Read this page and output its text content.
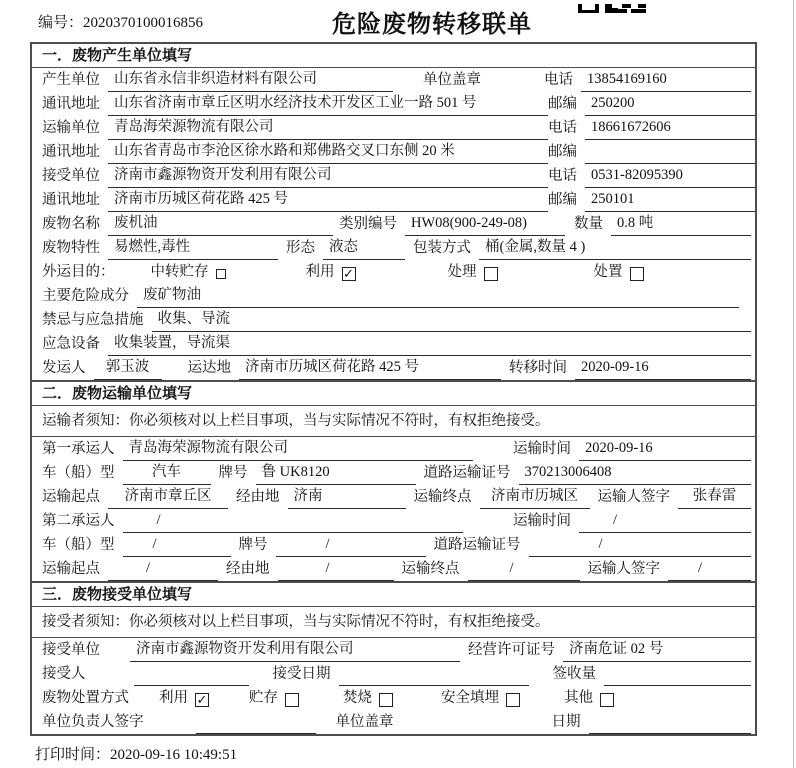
编号：2020370100016856	危险废物转移联单
一．废物产生单位填写
产生单位 山东省永信非织造材料有限公司	单位盖章	电话 13854169160
通讯地址 山东省济南市章丘区明水经济技术开发区工业一路 501 号	邮编 250200
运输单位 青岛海荣源物流有限公司	电话 18661672606
通讯地址 山东省青岛市李沧区徐水路和郑佛路交叉口东侧 20 米	邮编
接受单位 济南市鑫源物资开发利用有限公司	电话 0531-82095390
通讯地址 济南市历城区荷花路 425 号	邮编 250101
废物名称 废机油	类别编号 HW08(900-249-08)	数量 0.8 吨
废物特性 易燃性,毒性	形态 液态	包装方式 桶(金属,数量 4 )
外运目的： 中转贮存	利用 ✓	处理	处置
主要危险成分 废矿物油
禁忌与应急措施 收集、导流
应急设备 收集装置，导流渠
发运人	郭玉波	运达地 济南市历城区荷花路 425 号	转移时间 2020-09-16
二．废物运输单位填写
运输者须知：你必须核对以上栏目事项，当与实际情况不符时，有权拒绝接受。
第一承运人 青岛海荣源物流有限公司	运输时间 2020-09-16
车（船）型	汽车	牌号 鲁 UK8120	道路运输证号 370213006408
运输起点	济南市章丘区	经由地 济南	运输终点	济南市历城区	运输人签字	张春雷
第二承运人	/	运输时间	/
车（船）型	/	牌号	/	道路运输证号	/
运输起点	/	经由地	/	运输终点	/	运输人签字	/
三．废物接受单位填写
接受者须知：你必须核对以上栏目事项，当与实际情况不符时，有权拒绝接受。
接受单位	济南市鑫源物资开发利用有限公司	经营许可证号 济南危证 02 号
接受人	接受日期	签收量
废物处置方式 利用 ✓	贮存	焚烧	安全填埋	其他
单位负责人签字	单位盖章	日期
打印时间：2020-09-16 10:49:51
